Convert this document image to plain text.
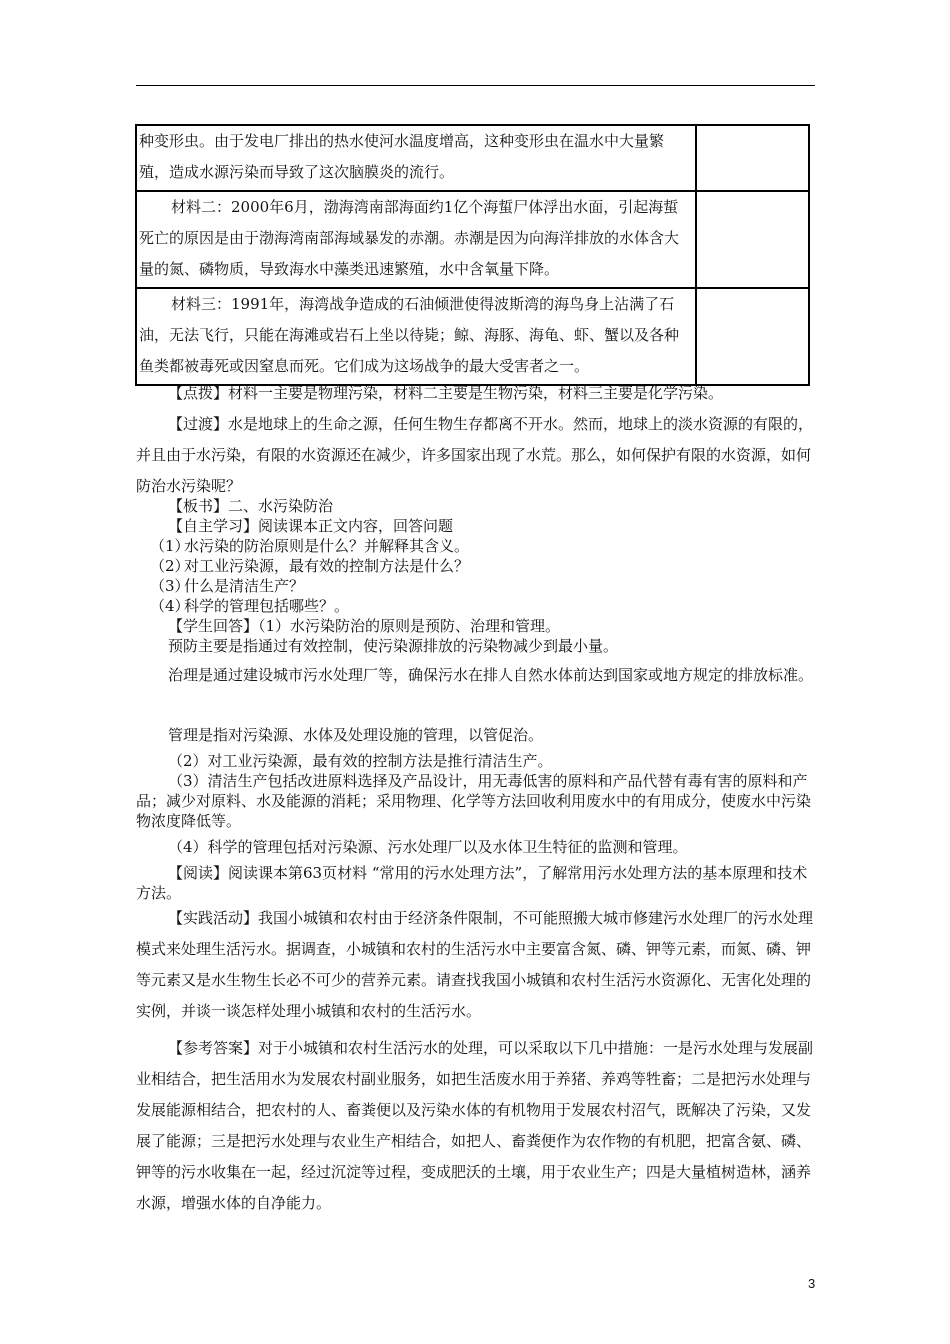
种变形虫。由于发电厂排出的热水使河水温度增高，这种变形虫在温水中大量繁殖，造成水源污染而导致了这次脑膜炎的流行。	

材料二：2000年6月，渤海湾南部海面约1亿个海蜇尸体浮出水面，引起海蜇死亡的原因是由于渤海湾南部海域暴发的赤潮。赤潮是因为向海洋排放的水体含大量的氮、磷物质，导致海水中藻类迅速繁殖，水中含氧量下降。	

材料三：1991年，海湾战争造成的石油倾泄使得波斯湾的海鸟身上沾满了石油，无法飞行，只能在海滩或岩石上坐以待毙；鲸、海豚、海龟、虾、蟹以及各种鱼类都被毒死或因窒息而死。它们成为这场战争的最大受害者之一。	

【点拨】材料一主要是物理污染，材料二主要是生物污染，材料三主要是化学污染。

【过渡】水是地球上的生命之源，任何生物生存都离不开水。然而，地球上的淡水资源的有限的，并且由于水污染，有限的水资源还在减少，许多国家出现了水荒。那么，如何保护有限的水资源，如何防治水污染呢？

【板书】二、水污染防治

【自主学习】阅读课本正文内容，回答问题

（1）
水污染的防治原则是什么？并解释其含义。
（2）
对工业污染源，最有效的控制方法是什么？
（3）
什么是清洁生产？
（4）
科学的管理包括哪些？。

【学生回答】（1）水污染防治的原则是预防、治理和管理。

预防主要是指通过有效控制，使污染源排放的污染物减少到最小量。

治理是通过建设城市污水处理厂等，确保污水在排人自然水体前达到国家或地方规定的排放标准。

管理是指对污染源、水体及处理设施的管理，以管促治。

（2）对工业污染源，最有效的控制方法是推行清洁生产。

（3）清洁生产包括改进原料选择及产品设计，用无毒低害的原料和产品代替有毒有害的原料和产品；减少对原料、水及能源的消耗；采用物理、化学等方法回收利用废水中的有用成分，使废水中污染物浓度降低等。

（4）科学的管理包括对污染源、污水处理厂以及水体卫生特征的监测和管理。

【阅读】阅读课本第63页材料 “常用的污水处理方法”，了解常用污水处理方法的基本原理和技术方法。

【实践活动】我国小城镇和农村由于经济条件限制，不可能照搬大城市修建污水处理厂的污水处理模式来处理生活污水。据调查，小城镇和农村的生活污水中主要富含氮、磷、钾等元素，而氮、磷、钾等元素又是水生物生长必不可少的营养元素。请查找我国小城镇和农村生活污水资源化、无害化处理的实例，并谈一谈怎样处理小城镇和农村的生活污水。

【参考答案】对于小城镇和农村生活污水的处理，可以采取以下几中措施：一是污水处理与发展副业相结合，把生活用水为发展农村副业服务，如把生活废水用于养猪、养鸡等牲畜；二是把污水处理与发展能源相结合，把农村的人、畜粪便以及污染水体的有机物用于发展农村沼气，既解决了污染，又发展了能源；三是把污水处理与农业生产相结合，如把人、畜粪便作为农作物的有机肥，把富含氨、磷、钾等的污水收集在一起，经过沉淀等过程，变成肥沃的土壤，用于农业生产；四是大量植树造林，涵养水源，增强水体的自净能力。

3
